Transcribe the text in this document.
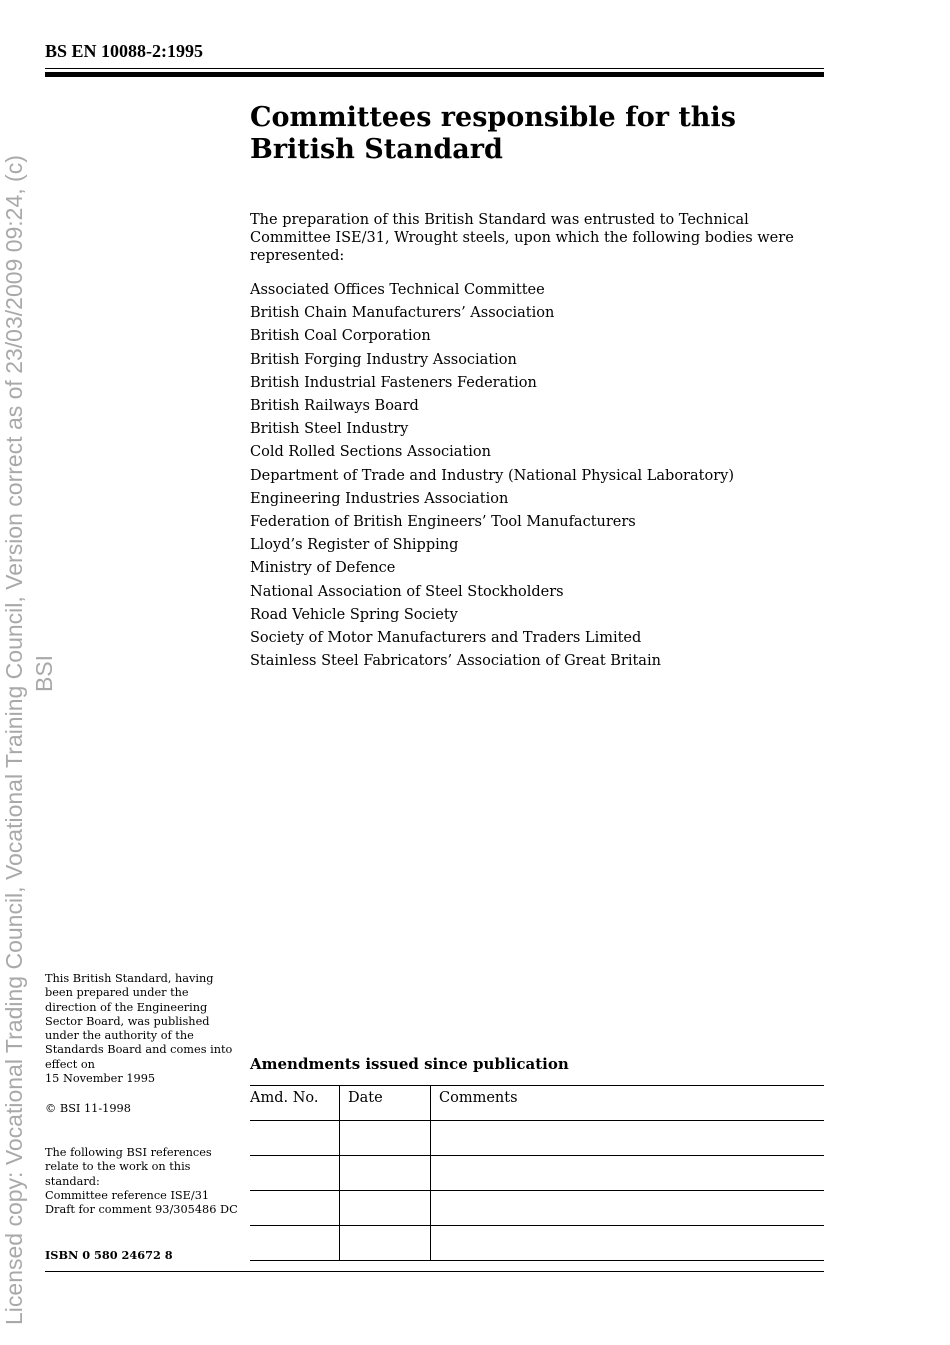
Licensed copy: Vocational Trading Council, Vocational Training Council, Version correct as of 23/03/2009 09:24, (c) BSI
BS EN 10088-2:1995
Committees responsible for this
British Standard
The preparation of this British Standard was entrusted to Technical
Committee ISE/31, Wrought steels, upon which the following bodies were
represented:
Associated Offices Technical Committee
British Chain Manufacturers’ Association
British Coal Corporation
British Forging Industry Association
British Industrial Fasteners Federation
British Railways Board
British Steel Industry
Cold Rolled Sections Association
Department of Trade and Industry (National Physical Laboratory)
Engineering Industries Association
Federation of British Engineers’ Tool Manufacturers
Lloyd’s Register of Shipping
Ministry of Defence
National Association of Steel Stockholders
Road Vehicle Spring Society
Society of Motor Manufacturers and Traders Limited
Stainless Steel Fabricators’ Association of Great Britain
This British Standard, having
been prepared under the
direction of the Engineering
Sector Board, was published
under the authority of the
Standards Board and comes into
effect on
15 November 1995
© BSI 11-1998
The following BSI references
relate to the work on this
standard:
Committee reference ISE/31
Draft for comment 93/305486 DC
ISBN 0 580 24672 8
Amendments issued since publication
Amd. No. Date	Comments
